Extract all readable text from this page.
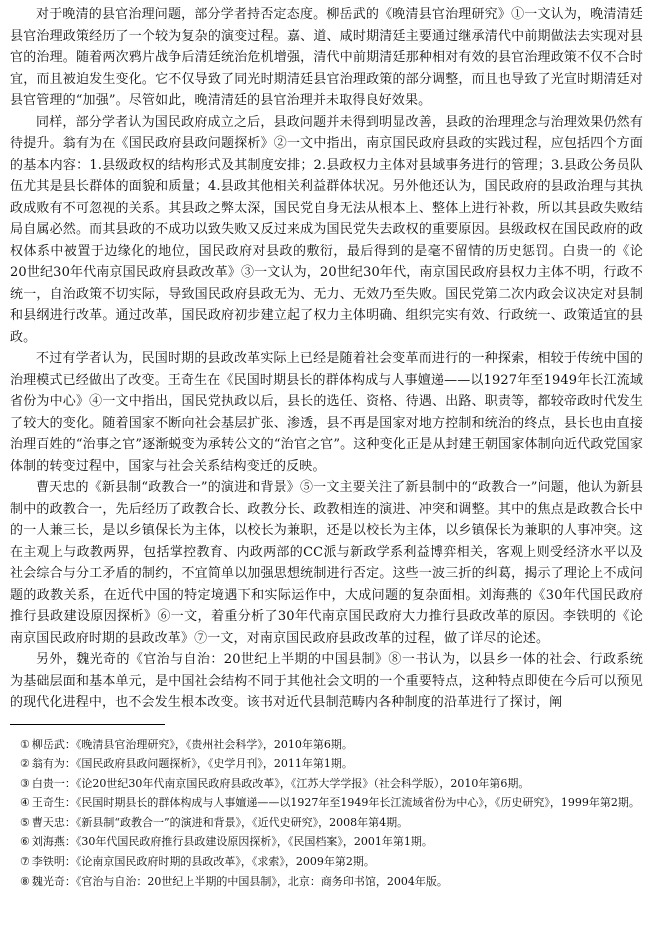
对于晚清的县官治理问题，部分学者持否定态度。柳岳武的《晚清县官治理研究》①一文认为，晚清清廷县官治理政策经历了一个较为复杂的演变过程。嘉、道、咸时期清廷主要通过继承清代中前期做法去实现对县官的治理。随着两次鸦片战争后清廷统治危机增强，清代中前期清廷那种相对有效的县官治理政策不仅不合时宜，而且被迫发生变化。它不仅导致了同光时期清廷县官治理政策的部分调整，而且也导致了光宣时期清廷对县官管理的“加强”。尽管如此，晚清清廷的县官治理并未取得良好效果。

同样，部分学者认为国民政府成立之后，县政问题并未得到明显改善，县政的治理理念与治理效果仍然有待提升。翁有为在《国民政府县政问题探析》②一文中指出，南京国民政府县政的实践过程，应包括四个方面的基本内容：1.县级政权的结构形式及其制度安排；2.县政权力主体对县域事务进行的管理；3.县政公务员队伍尤其是县长群体的面貌和质量；4.县政其他相关利益群体状况。另外他还认为，国民政府的县政治理与其执政成败有不可忽视的关系。其县政之弊太深，国民党自身无法从根本上、整体上进行补救，所以其县政失败结局自属必然。而其县政的不成功以致失败又反过来成为国民党失去政权的重要原因。县级政权在国民政府的政权体系中被置于边缘化的地位，国民政府对县政的敷衍，最后得到的是毫不留情的历史惩罚。白贵一的《论20世纪30年代南京国民政府县政改革》③一文认为，20世纪30年代，南京国民政府县权力主体不明，行政不统一，自治政策不切实际，导致国民政府县政无为、无力、无效乃至失败。国民党第二次内政会议决定对县制和县纲进行改革。通过改革，国民政府初步建立起了权力主体明确、组织完实有效、行政统一、政策适宜的县政。

不过有学者认为，民国时期的县政改革实际上已经是随着社会变革而进行的一种探索，相较于传统中国的治理模式已经做出了改变。王奇生在《民国时期县长的群体构成与人事嬗递——以1927年至1949年长江流域省份为中心》④一文中指出，国民党执政以后，县长的选任、资格、待遇、出路、职责等，都较帝政时代发生了较大的变化。随着国家不断向社会基层扩张、渗透，县不再是国家对地方控制和统治的终点，县长也由直接治理百姓的“治事之官”逐渐蜕变为承转公文的“治官之官”。这种变化正是从封建王朝国家体制向近代政党国家体制的转变过程中，国家与社会关系结构变迁的反映。

曹天忠的《新县制“政教合一”的演进和背景》⑤一文主要关注了新县制中的“政教合一”问题，他认为新县制中的政教合一，先后经历了政教合长、政教分长、政教相连的演进、冲突和调整。其中的焦点是政教合长中的一人兼三长，是以乡镇保长为主体，以校长为兼职，还是以校长为主体，以乡镇保长为兼职的人事冲突。这在主观上与政教两界，包括掌控教育、内政两部的CC派与新政学系利益博弈相关，客观上则受经济水平以及社会综合与分工矛盾的制约，不宜简单以加强思想统制进行否定。这些一波三折的纠葛，揭示了理论上不成问题的政教关系，在近代中国的特定境遇下和实际运作中，大成问题的复杂面相。刘海燕的《30年代国民政府推行县政建设原因探析》⑥一文，着重分析了30年代南京国民政府大力推行县政改革的原因。李铁明的《论南京国民政府时期的县政改革》⑦一文，对南京国民政府县政改革的过程，做了详尽的论述。

另外，魏光奇的《官治与自治：20世纪上半期的中国县制》⑧一书认为，以县乡一体的社会、行政系统为基础层面和基本单元，是中国社会结构不同于其他社会文明的一个重要特点，这种特点即使在今后可以预见的现代化进程中，也不会发生根本改变。该书对近代县制范畴内各种制度的沿革进行了探讨，阐

① 柳岳武：《晚清县官治理研究》，《贵州社会科学》，2010年第6期。

② 翁有为：《国民政府县政问题探析》，《史学月刊》，2011年第1期。

③ 白贵一：《论20世纪30年代南京国民政府县政改革》，《江苏大学学报》（社会科学版），2010年第6期。

④ 王奇生：《民国时期县长的群体构成与人事嬗递——以1927年至1949年长江流域省份为中心》，《历史研究》，1999年第2期。

⑤ 曹天忠：《新县制“政教合一”的演进和背景》，《近代史研究》，2008年第4期。

⑥ 刘海燕：《30年代国民政府推行县政建设原因探析》，《民国档案》，2001年第1期。

⑦ 李铁明：《论南京国民政府时期的县政改革》，《求索》，2009年第2期。

⑧ 魏光奇：《官治与自治：20世纪上半期的中国县制》，北京：商务印书馆，2004年版。
